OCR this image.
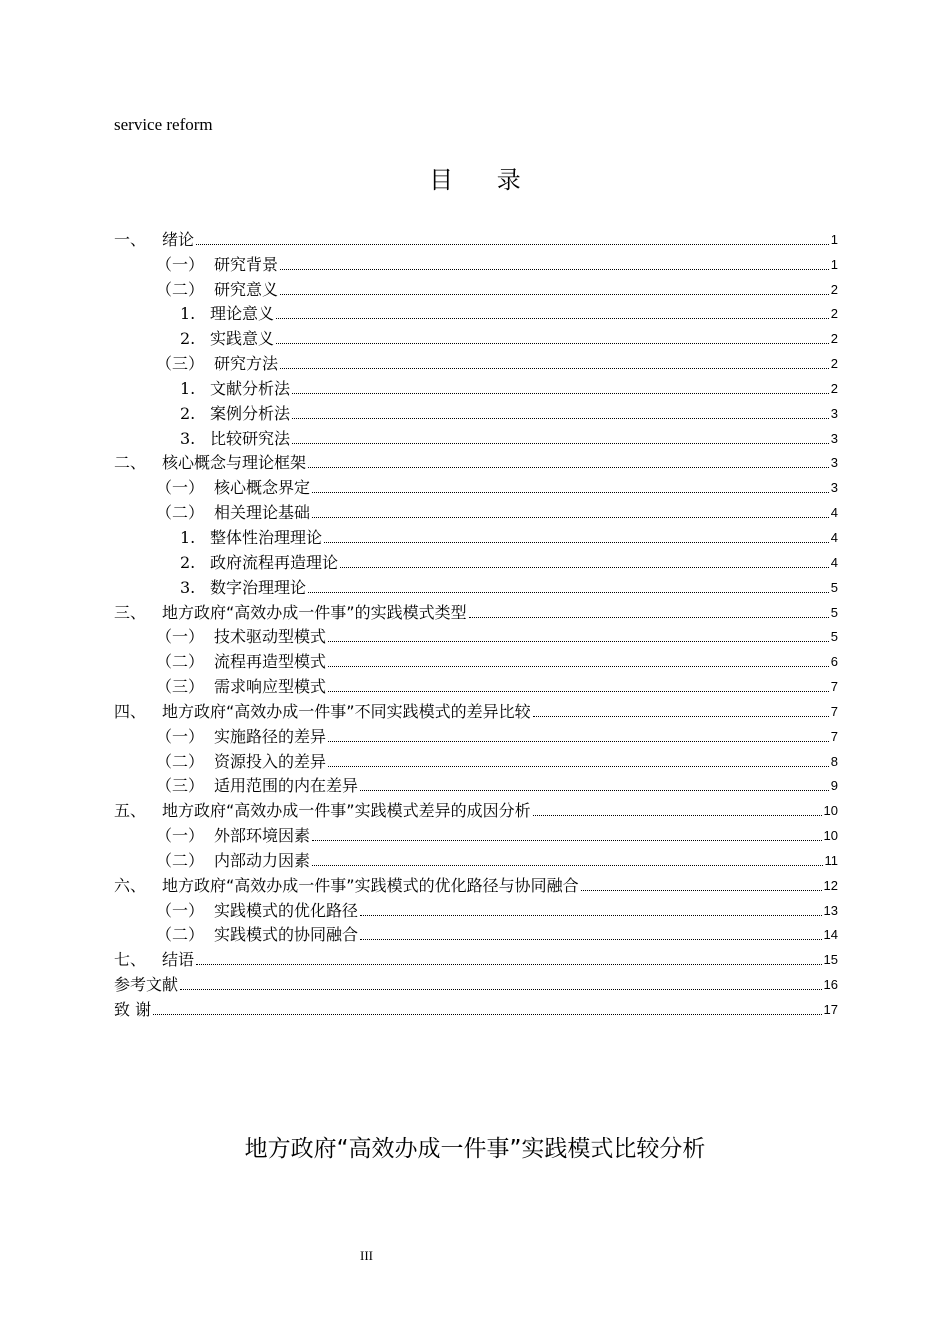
service reform
目 录
一、 绪论	1
（一） 研究背景	1
（二） 研究意义	2
1. 理论意义	2
2. 实践意义	2
（三） 研究方法	2
1. 文献分析法	2
2. 案例分析法	3
3. 比较研究法	3
二、 核心概念与理论框架	3
（一） 核心概念界定	3
（二） 相关理论基础	4
1. 整体性治理理论	4
2. 政府流程再造理论	4
3. 数字治理理论	5
三、 地方政府“高效办成一件事”的实践模式类型	5
（一） 技术驱动型模式	5
（二） 流程再造型模式	6
（三） 需求响应型模式	7
四、 地方政府“高效办成一件事”不同实践模式的差异比较	7
（一） 实施路径的差异	7
（二） 资源投入的差异	8
（三） 适用范围的内在差异	9
五、 地方政府“高效办成一件事”实践模式差异的成因分析	10
（一） 外部环境因素	10
（二） 内部动力因素	11
六、 地方政府“高效办成一件事”实践模式的优化路径与协同融合	12
（一） 实践模式的优化路径	13
（二） 实践模式的协同融合	14
七、 结语	15
参考文献	16
致 谢	17
地方政府“高效办成一件事”实践模式比较分析
III
